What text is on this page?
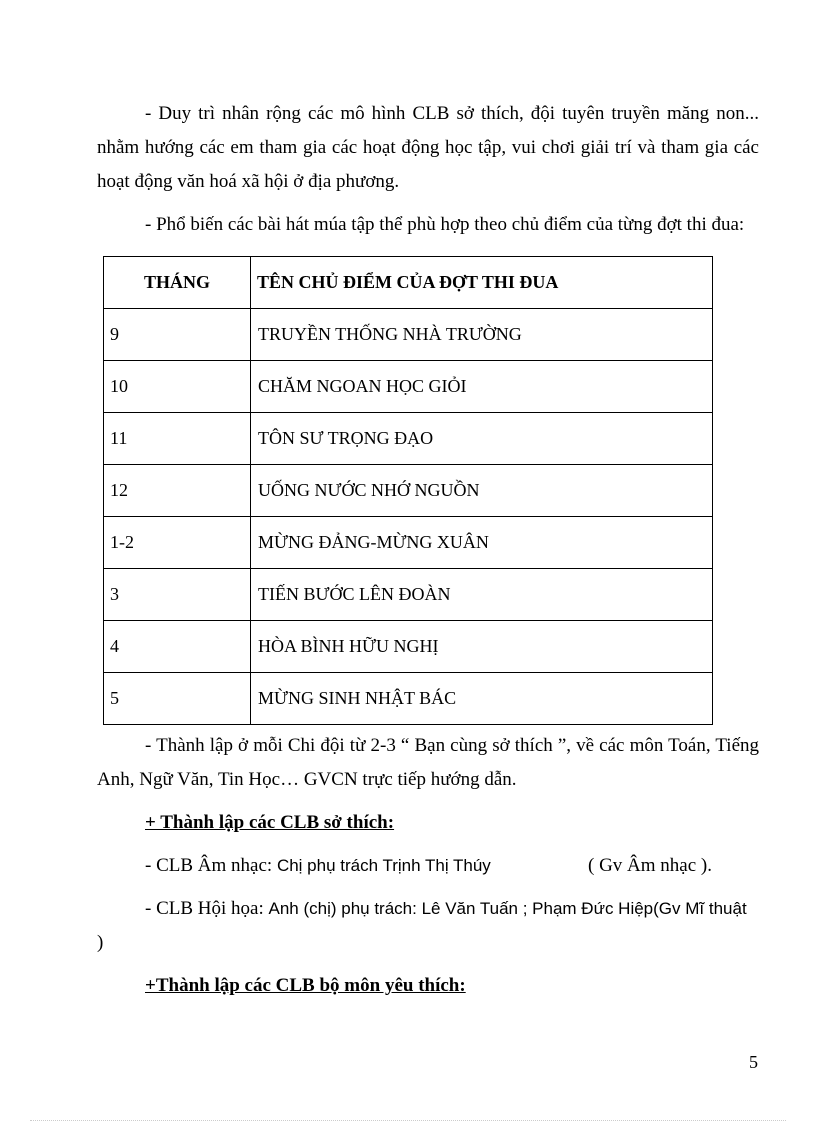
- Duy trì nhân rộng các mô hình CLB sở thích, đội tuyên truyền măng non... nhằm hướng các em tham gia các hoạt động học tập, vui chơi giải trí và tham gia các hoạt động văn hoá xã hội ở địa phương.
- Phổ biến các bài hát múa tập thể phù hợp theo chủ điểm của từng đợt thi đua:
THÁNG	TÊN CHỦ ĐIỂM CỦA ĐỢT THI ĐUA
9	TRUYỀN THỐNG NHÀ TRƯỜNG
10	CHĂM NGOAN HỌC GIỎI
11	TÔN SƯ TRỌNG ĐẠO
12	UỐNG NƯỚC NHỚ NGUỒN
1-2	MỪNG ĐẢNG-MỪNG XUÂN
3	TIẾN BƯỚC LÊN ĐOÀN
4	HÒA BÌNH HỮU NGHỊ
5	MỪNG SINH NHẬT BÁC
- Thành lập ở mỗi Chi đội từ 2-3 “ Bạn cùng sở thích ”, về các môn Toán, Tiếng Anh, Ngữ Văn, Tin Học… GVCN trực tiếp hướng dẫn.
+ Thành lập các CLB sở thích:
- CLB Âm nhạc: Chị phụ trách Trịnh Thị Thúy	( Gv Âm nhạc ).
- CLB Hội họa: Anh (chị) phụ trách: Lê Văn Tuấn ; Phạm Đức Hiệp(Gv Mĩ thuật
)
+Thành lập các CLB bộ môn yêu thích:
5
